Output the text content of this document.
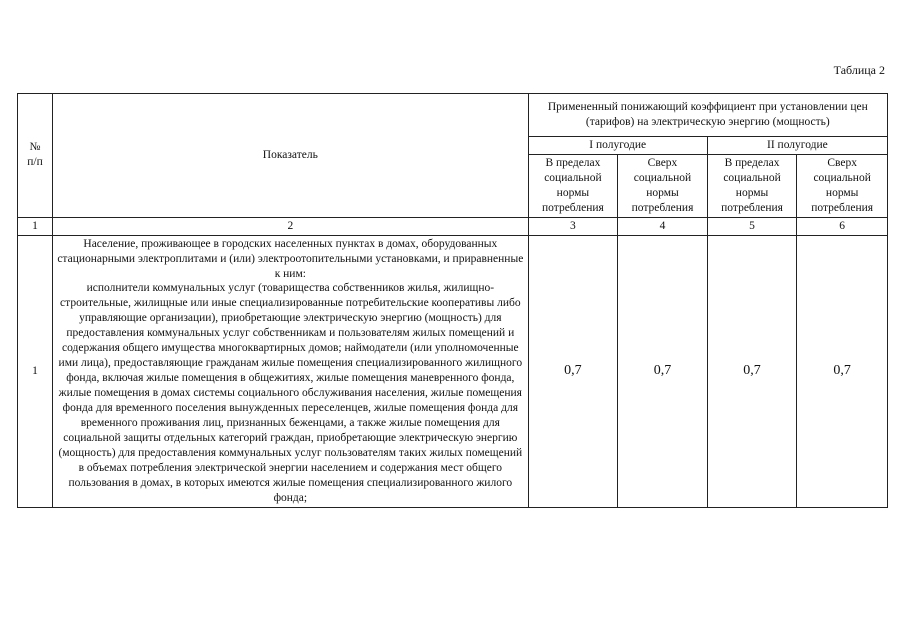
Таблица 2
№
п/п	Показатель	Примененный понижающий коэффициент при установлении цен (тарифов) на электрическую энергию (мощность)			
		I полугодие		II полугодие	
		В пределах социальной нормы потребления	Сверх социальной нормы потребления	В пределах социальной нормы потребления	Сверх социальной нормы потребления
1	2	3	4	5	6
1	Население, проживающее в городских населенных пунктах в домах, оборудованных стационарными электроплитами и (или) электроотопительными установками, и приравненные к ним:
исполнители коммунальных услуг (товарищества собственников жилья, жилищно-строительные, жилищные или иные специализированные потребительские кооперативы либо управляющие организации), приобретающие электрическую энергию (мощность) для предоставления коммунальных услуг собственникам и пользователям жилых помещений и содержания общего имущества многоквартирных домов; наймодатели (или уполномоченные ими лица), предоставляющие гражданам жилые помещения специализированного жилищного фонда, включая жилые помещения в общежитиях, жилые помещения маневренного фонда, жилые помещения в домах системы социального обслуживания населения, жилые помещения фонда для временного поселения вынужденных переселенцев, жилые помещения фонда для временного проживания лиц, признанных беженцами, а также жилые помещения для социальной защиты отдельных категорий граждан, приобретающие электрическую энергию (мощность) для предоставления коммунальных услуг пользователям таких жилых помещений в объемах потребления электрической энергии населением и содержания мест общего пользования в домах, в которых имеются жилые помещения специализированного жилого фонда;	0,7	0,7	0,7	0,7
